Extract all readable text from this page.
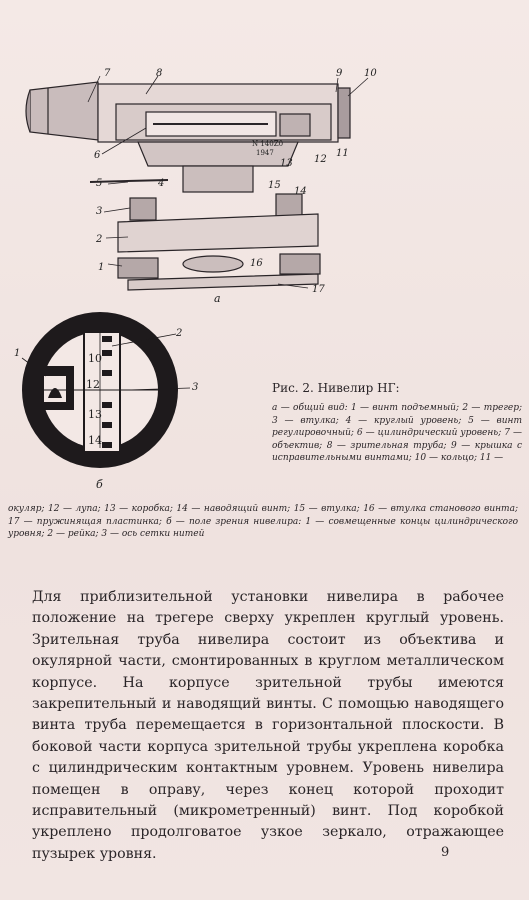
7	8	9 10
6	11
12
13
5
14
15
4
3
2
16
1
17
N 140Z0
1947
а
1
2
3
10
12
13
14
б
Рис. 2. Нивелир НГ:
а — общий вид: 1 — винт подъемный; 2 — трегер; 3 — втулка; 4 — круглый уровень; 5 — винт регулировочный; 6 — цилиндрический уровень; 7 — объектив; 8 — зрительная труба; 9 — крышка с исправительными винтами; 10 — кольцо; 11 —
окуляр; 12 — лупа; 13 — коробка; 14 — наводящий винт; 15 — втулка; 16 — втулка станового винта; 17 — пружинящая пластинка; б — поле зрения нивелира: 1 — совмещенные концы цилиндрического уровня; 2 — рейка; 3 — ось сетки нитей
Для приблизительной установки нивелира в рабочее положение на трегере сверху укреплен круглый уровень. Зрительная труба нивелира состоит из объектива и окулярной части, смонтированных в круглом металлическом корпусе. На корпусе зрительной трубы имеются закрепительный и наводящий винты. С помощью наводящего винта труба перемещается в горизонтальной плоскости. В боковой части корпуса зрительной трубы укреплена коробка с цилиндрическим контактным уровнем. Уровень нивелира помещен в оправу, через конец которой проходит исправительный (микрометренный) винт. Под коробкой укреплено продолговатое узкое зеркало, отражающее пузырек уровня.	9
